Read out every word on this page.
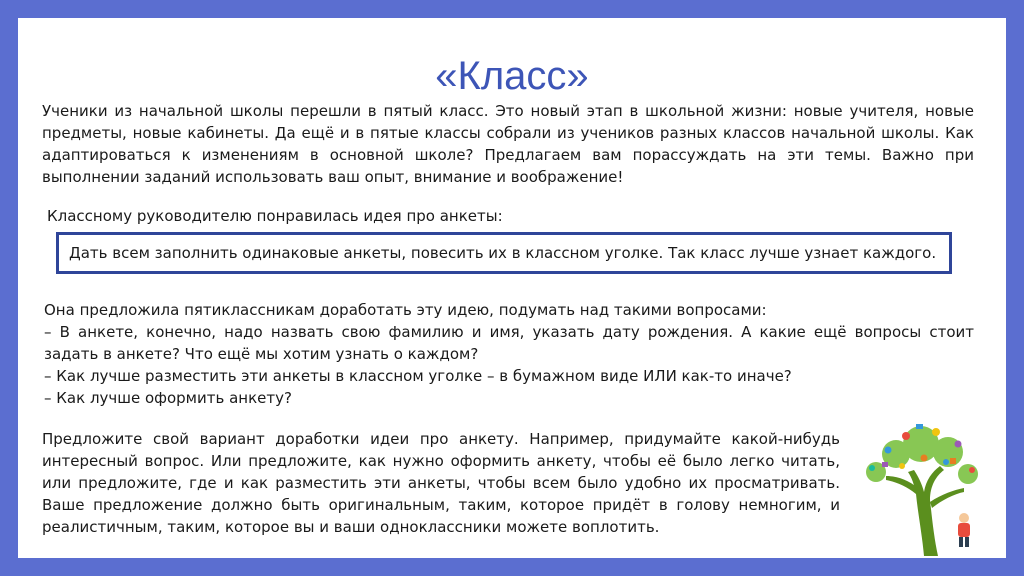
«Класс»
Ученики из начальной школы перешли в пятый класс. Это новый этап в школьной жизни: новые учителя, новые предметы, новые кабинеты. Да ещё и в пятые классы собрали из учеников разных классов начальной школы. Как адаптироваться к изменениям в основной школе? Предлагаем вам порассуждать на эти темы. Важно при выполнении заданий использовать ваш опыт, внимание и воображение!
Классному руководителю понравилась идея про анкеты:
Дать всем заполнить одинаковые анкеты, повесить их в классном уголке. Так класс лучше узнает каждого.
Она предложила пятиклассникам доработать эту идею, подумать над такими вопросами:
– В анкете, конечно, надо назвать свою фамилию и имя, указать дату рождения. А какие ещё вопросы стоит задать в анкете? Что ещё мы хотим узнать о каждом?
– Как лучше разместить эти анкеты в классном уголке – в бумажном виде ИЛИ как-то иначе?
– Как лучше оформить анкету?
Предложите свой вариант доработки идеи про анкету. Например, придумайте какой-нибудь интересный вопрос. Или предложите, как нужно оформить анкету, чтобы её было легко читать, или предложите, где и как разместить эти анкеты, чтобы всем было удобно их просматривать. Ваше предложение должно быть оригинальным, таким, которое придёт в голову немногим, и реалистичным, таким, которое вы и ваши одноклассники можете воплотить.
